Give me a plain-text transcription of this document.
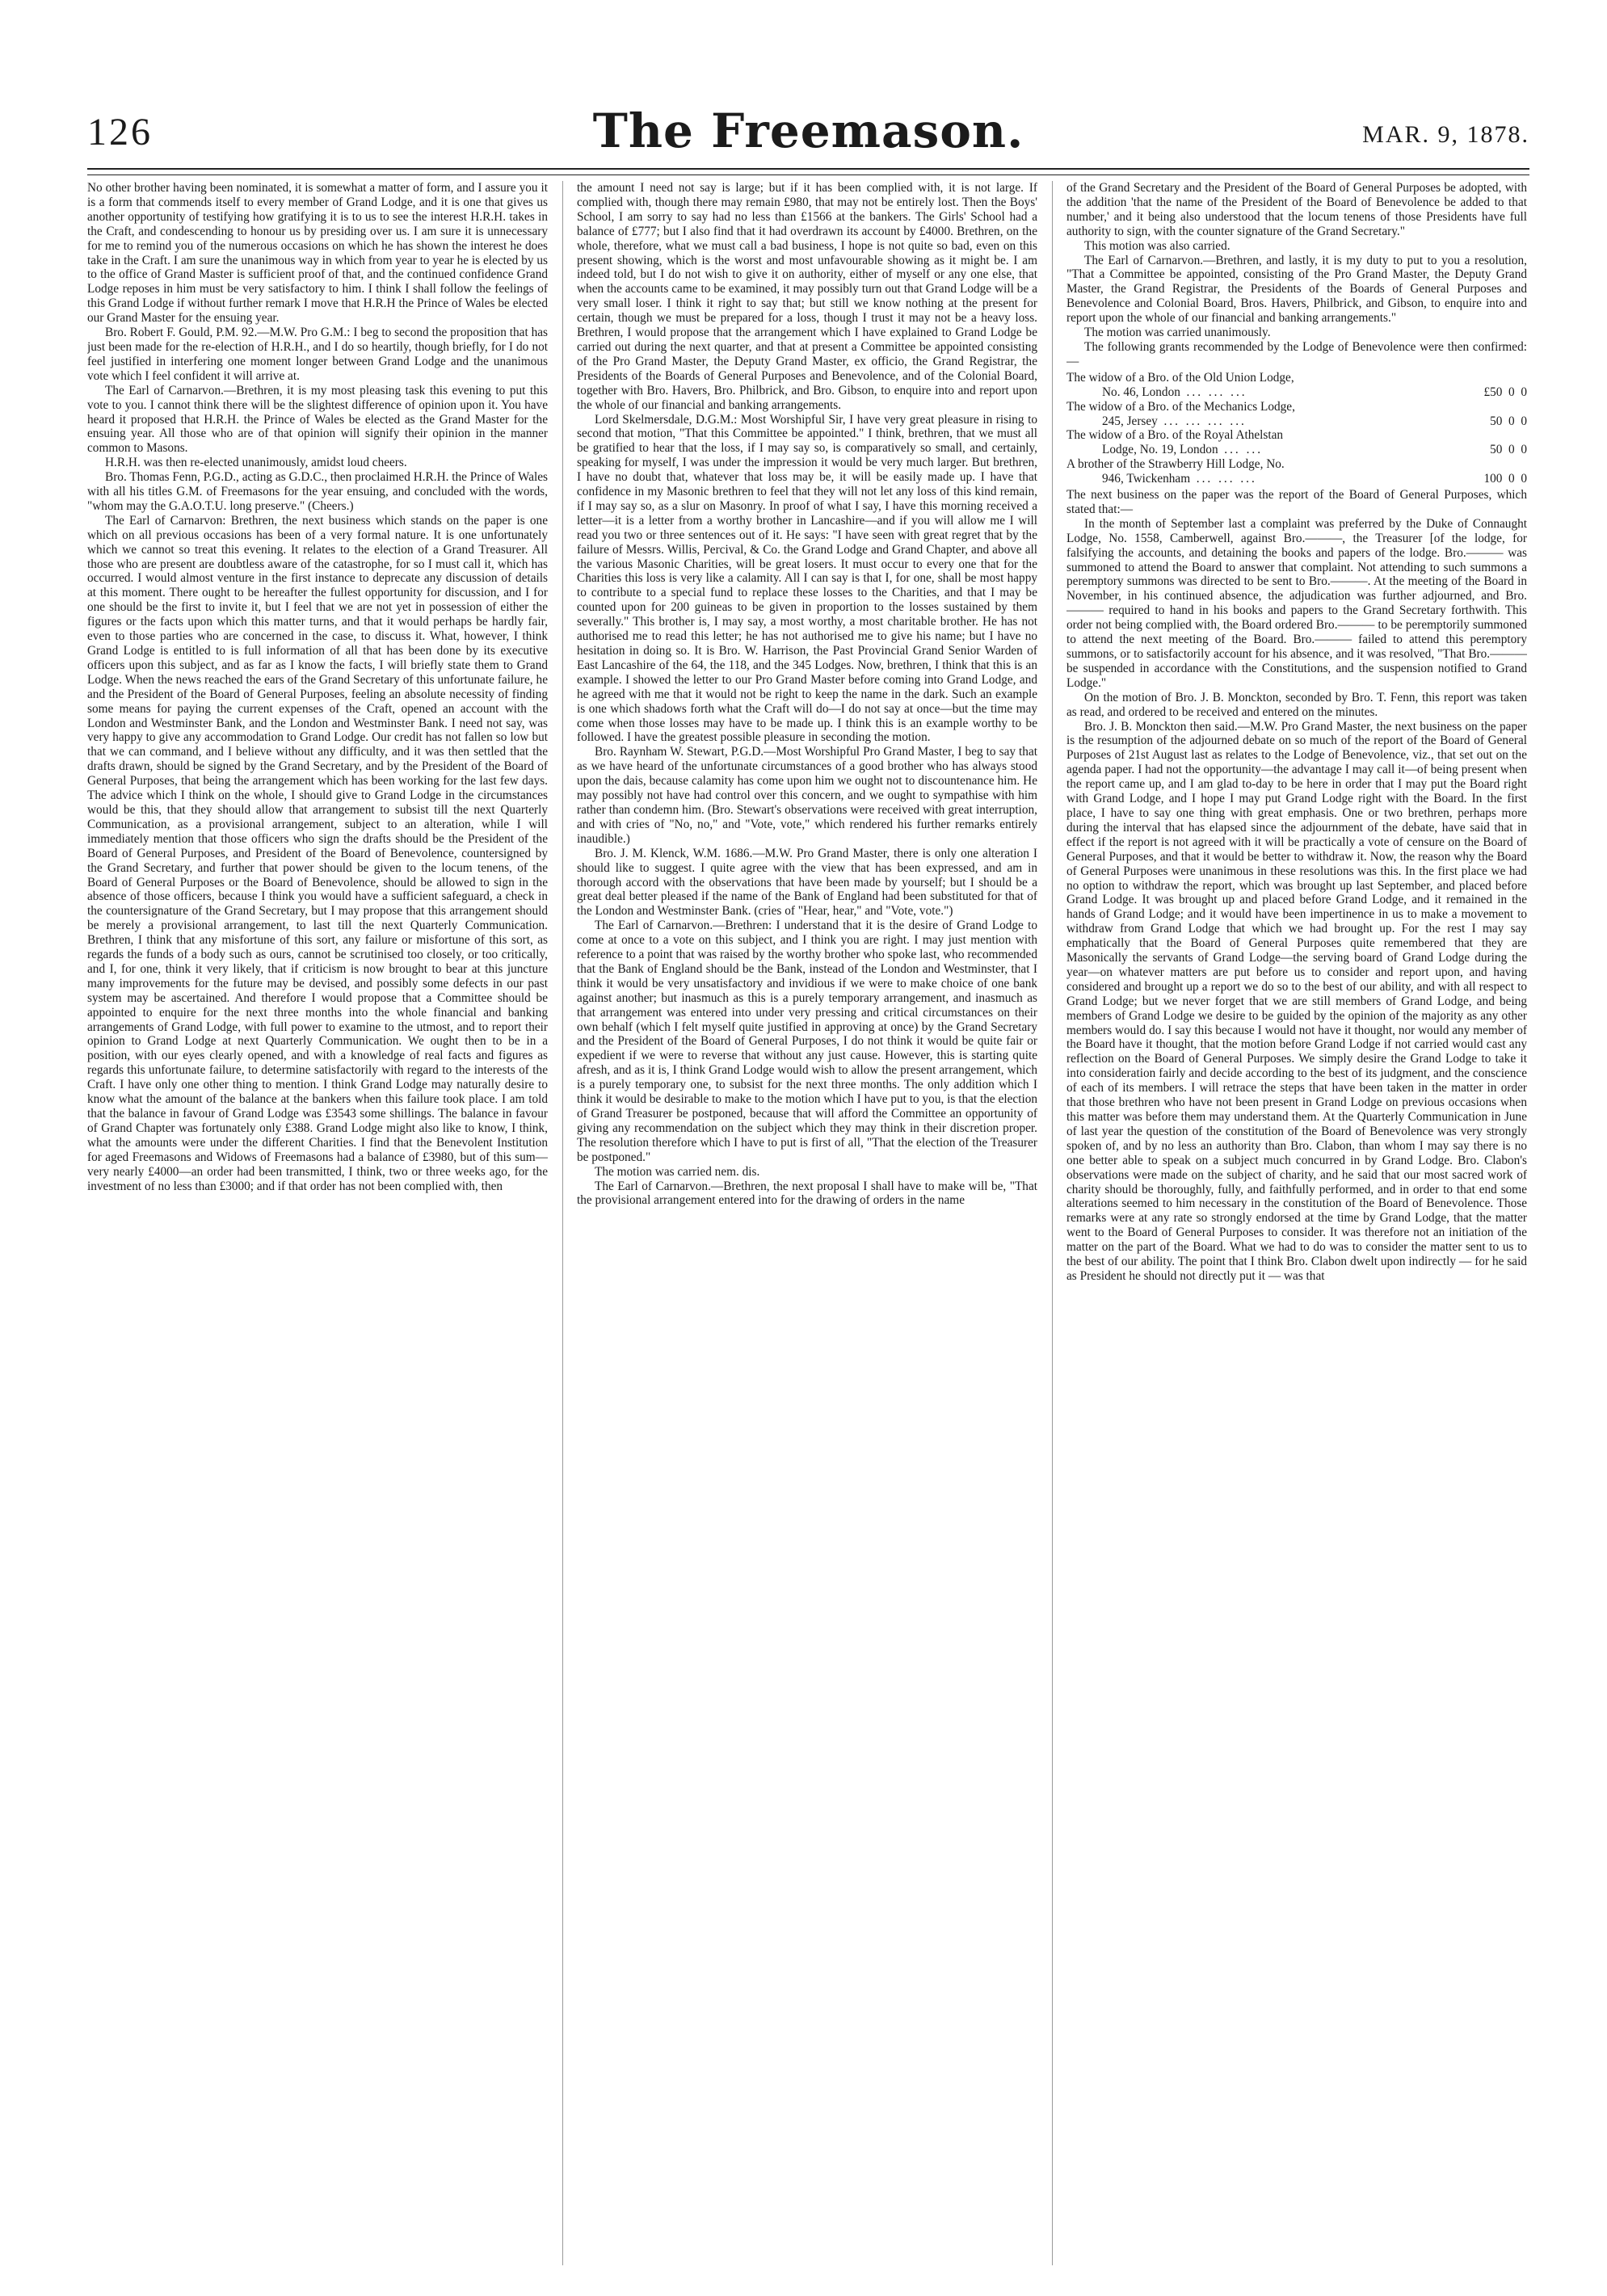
126	The Freemason.	MAR. 9, 1878.

No other brother having been nominated, it is somewhat a matter of form, and I assure you it is a form that commends itself to every member of Grand Lodge, and it is one that gives us another opportunity of testifying how gratifying it is to us to see the interest H.R.H. takes in the Craft, and condescending to honour us by presiding over us. I am sure it is unnecessary for me to remind you of the numerous occasions on which he has shown the interest he does take in the Craft. I am sure the unanimous way in which from year to year he is elected by us to the office of Grand Master is sufficient proof of that, and the continued confidence Grand Lodge reposes in him must be very satisfactory to him. I think I shall follow the feelings of this Grand Lodge if without further remark I move that H.R.H the Prince of Wales be elected our Grand Master for the ensuing year.

Bro. Robert F. Gould, P.M. 92.—M.W. Pro G.M.: I beg to second the proposition that has just been made for the re-election of H.R.H., and I do so heartily, though briefly, for I do not feel justified in interfering one moment longer between Grand Lodge and the unanimous vote which I feel confident it will arrive at.

The Earl of Carnarvon.—Brethren, it is my most pleasing task this evening to put this vote to you. I cannot think there will be the slightest difference of opinion upon it. You have heard it proposed that H.R.H. the Prince of Wales be elected as the Grand Master for the ensuing year. All those who are of that opinion will signify their opinion in the manner common to Masons.

H.R.H. was then re-elected unanimously, amidst loud cheers.

Bro. Thomas Fenn, P.G.D., acting as G.D.C., then proclaimed H.R.H. the Prince of Wales with all his titles G.M. of Freemasons for the year ensuing, and concluded with the words, "whom may the G.A.O.T.U. long preserve." (Cheers.)

The Earl of Carnarvon: Brethren, the next business which stands on the paper is one which on all previous occasions has been of a very formal nature. It is one unfortunately which we cannot so treat this evening. It relates to the election of a Grand Treasurer. All those who are present are doubtless aware of the catastrophe, for so I must call it, which has occurred. I would almost venture in the first instance to deprecate any discussion of details at this moment. There ought to be hereafter the fullest opportunity for discussion, and I for one should be the first to invite it, but I feel that we are not yet in possession of either the figures or the facts upon which this matter turns, and that it would perhaps be hardly fair, even to those parties who are concerned in the case, to discuss it. What, however, I think Grand Lodge is entitled to is full information of all that has been done by its executive officers upon this subject, and as far as I know the facts, I will briefly state them to Grand Lodge. When the news reached the ears of the Grand Secretary of this unfortunate failure, he and the President of the Board of General Purposes, feeling an absolute necessity of finding some means for paying the current expenses of the Craft, opened an account with the London and Westminster Bank, and the London and Westminster Bank. I need not say, was very happy to give any accommodation to Grand Lodge. Our credit has not fallen so low but that we can command, and I believe without any difficulty, and it was then settled that the drafts drawn, should be signed by the Grand Secretary, and by the President of the Board of General Purposes, that being the arrangement which has been working for the last few days. The advice which I think on the whole, I should give to Grand Lodge in the circumstances would be this, that they should allow that arrangement to subsist till the next Quarterly Communication, as a provisional arrangement, subject to an alteration, while I will immediately mention that those officers who sign the drafts should be the President of the Board of General Purposes, and President of the Board of Benevolence, countersigned by the Grand Secretary, and further that power should be given to the locum tenens, of the Board of General Purposes or the Board of Benevolence, should be allowed to sign in the absence of those officers, because I think you would have a sufficient safeguard, a check in the countersignature of the Grand Secretary, but I may propose that this arrangement should be merely a provisional arrangement, to last till the next Quarterly Communication. Brethren, I think that any misfortune of this sort, any failure or misfortune of this sort, as regards the funds of a body such as ours, cannot be scrutinised too closely, or too critically, and I, for one, think it very likely, that if criticism is now brought to bear at this juncture many improvements for the future may be devised, and possibly some defects in our past system may be ascertained. And therefore I would propose that a Committee should be appointed to enquire for the next three months into the whole financial and banking arrangements of Grand Lodge, with full power to examine to the utmost, and to report their opinion to Grand Lodge at next Quarterly Communication. We ought then to be in a position, with our eyes clearly opened, and with a knowledge of real facts and figures as regards this unfortunate failure, to determine satisfactorily with regard to the interests of the Craft. I have only one other thing to mention. I think Grand Lodge may naturally desire to know what the amount of the balance at the bankers when this failure took place. I am told that the balance in favour of Grand Lodge was £3543 some shillings. The balance in favour of Grand Chapter was fortunately only £388. Grand Lodge might also like to know, I think, what the amounts were under the different Charities. I find that the Benevolent Institution for aged Freemasons and Widows of Freemasons had a balance of £3980, but of this sum—very nearly £4000—an order had been transmitted, I think, two or three weeks ago, for the investment of no less than £3000; and if that order has not been complied with, then

the amount I need not say is large; but if it has been complied with, it is not large. If complied with, though there may remain £980, that may not be entirely lost. Then the Boys' School, I am sorry to say had no less than £1566 at the bankers. The Girls' School had a balance of £777; but I also find that it had overdrawn its account by £4000. Brethren, on the whole, therefore, what we must call a bad business, I hope is not quite so bad, even on this present showing, which is the worst and most unfavourable showing as it might be. I am indeed told, but I do not wish to give it on authority, either of myself or any one else, that when the accounts came to be examined, it may possibly turn out that Grand Lodge will be a very small loser. I think it right to say that; but still we know nothing at the present for certain, though we must be prepared for a loss, though I trust it may not be a heavy loss. Brethren, I would propose that the arrangement which I have explained to Grand Lodge be carried out during the next quarter, and that at present a Committee be appointed consisting of the Pro Grand Master, the Deputy Grand Master, ex officio, the Grand Registrar, the Presidents of the Boards of General Purposes and Benevolence, and of the Colonial Board, together with Bro. Havers, Bro. Philbrick, and Bro. Gibson, to enquire into and report upon the whole of our financial and banking arrangements.

Lord Skelmersdale, D.G.M.: Most Worshipful Sir, I have very great pleasure in rising to second that motion, "That this Committee be appointed." I think, brethren, that we must all be gratified to hear that the loss, if I may say so, is comparatively so small, and certainly, speaking for myself, I was under the impression it would be very much larger. But brethren, I have no doubt that, whatever that loss may be, it will be easily made up. I have that confidence in my Masonic brethren to feel that they will not let any loss of this kind remain, if I may say so, as a slur on Masonry. In proof of what I say, I have this morning received a letter—it is a letter from a worthy brother in Lancashire—and if you will allow me I will read you two or three sentences out of it. He says: "I have seen with great regret that by the failure of Messrs. Willis, Percival, & Co. the Grand Lodge and Grand Chapter, and above all the various Masonic Charities, will be great losers. It must occur to every one that for the Charities this loss is very like a calamity. All I can say is that I, for one, shall be most happy to contribute to a special fund to replace these losses to the Charities, and that I may be counted upon for 200 guineas to be given in proportion to the losses sustained by them severally." This brother is, I may say, a most worthy, a most charitable brother. He has not authorised me to read this letter; he has not authorised me to give his name; but I have no hesitation in doing so. It is Bro. W. Harrison, the Past Provincial Grand Senior Warden of East Lancashire of the 64, the 118, and the 345 Lodges. Now, brethren, I think that this is an example. I showed the letter to our Pro Grand Master before coming into Grand Lodge, and he agreed with me that it would not be right to keep the name in the dark. Such an example is one which shadows forth what the Craft will do—I do not say at once—but the time may come when those losses may have to be made up. I think this is an example worthy to be followed. I have the greatest possible pleasure in seconding the motion.

Bro. Raynham W. Stewart, P.G.D.—Most Worshipful Pro Grand Master, I beg to say that as we have heard of the unfortunate circumstances of a good brother who has always stood upon the dais, because calamity has come upon him we ought not to discountenance him. He may possibly not have had control over this concern, and we ought to sympathise with him rather than condemn him. (Bro. Stewart's observations were received with great interruption, and with cries of "No, no," and "Vote, vote," which rendered his further remarks entirely inaudible.)

Bro. J. M. Klenck, W.M. 1686.—M.W. Pro Grand Master, there is only one alteration I should like to suggest. I quite agree with the view that has been expressed, and am in thorough accord with the observations that have been made by yourself; but I should be a great deal better pleased if the name of the Bank of England had been substituted for that of the London and Westminster Bank. (cries of "Hear, hear," and "Vote, vote.")

The Earl of Carnarvon.—Brethren: I understand that it is the desire of Grand Lodge to come at once to a vote on this subject, and I think you are right. I may just mention with reference to a point that was raised by the worthy brother who spoke last, who recommended that the Bank of England should be the Bank, instead of the London and Westminster, that I think it would be very unsatisfactory and invidious if we were to make choice of one bank against another; but inasmuch as this is a purely temporary arrangement, and inasmuch as that arrangement was entered into under very pressing and critical circumstances on their own behalf (which I felt myself quite justified in approving at once) by the Grand Secretary and the President of the Board of General Purposes, I do not think it would be quite fair or expedient if we were to reverse that without any just cause. However, this is starting quite afresh, and as it is, I think Grand Lodge would wish to allow the present arrangement, which is a purely temporary one, to subsist for the next three months. The only addition which I think it would be desirable to make to the motion which I have put to you, is that the election of Grand Treasurer be postponed, because that will afford the Committee an opportunity of giving any recommendation on the subject which they may think in their discretion proper. The resolution therefore which I have to put is first of all, "That the election of the Treasurer be postponed."

The motion was carried nem. dis.

The Earl of Carnarvon.—Brethren, the next proposal I shall have to make will be, "That the provisional arrangement entered into for the drawing of orders in the name

of the Grand Secretary and the President of the Board of General Purposes be adopted, with the addition 'that the name of the President of the Board of Benevolence be added to that number,' and it being also understood that the locum tenens of those Presidents have full authority to sign, with the counter signature of the Grand Secretary."

This motion was also carried.

The Earl of Carnarvon.—Brethren, and lastly, it is my duty to put to you a resolution, "That a Committee be appointed, consisting of the Pro Grand Master, the Deputy Grand Master, the Grand Registrar, the Presidents of the Boards of General Purposes and Benevolence and Colonial Board, Bros. Havers, Philbrick, and Gibson, to enquire into and report upon the whole of our financial and banking arrangements."

The motion was carried unanimously.

The following grants recommended by the Lodge of Benevolence were then confirmed:—

The widow of a Bro. of the Old Union Lodge,
No. 46, London ... ... ...	£50  0  0
The widow of a Bro. of the Mechanics Lodge,
245, Jersey ... ... ... ...	50  0  0
The widow of a Bro. of the Royal Athelstan
Lodge, No. 19, London ... ...	50  0  0
A brother of the Strawberry Hill Lodge, No.
946, Twickenham ... ... ...	100  0  0

The next business on the paper was the report of the Board of General Purposes, which stated that:—

In the month of September last a complaint was preferred by the Duke of Connaught Lodge, No. 1558, Camberwell, against Bro.———, the Treasurer [of the lodge, for falsifying the accounts, and detaining the books and papers of the lodge. Bro.——— was summoned to attend the Board to answer that complaint. Not attending to such summons a peremptory summons was directed to be sent to Bro.———. At the meeting of the Board in November, in his continued absence, the adjudication was further adjourned, and Bro.——— required to hand in his books and papers to the Grand Secretary forthwith. This order not being complied with, the Board ordered Bro.——— to be peremptorily summoned to attend the next meeting of the Board. Bro.——— failed to attend this peremptory summons, or to satisfactorily account for his absence, and it was resolved, "That Bro.——— be suspended in accordance with the Constitutions, and the suspension notified to Grand Lodge."

On the motion of Bro. J. B. Monckton, seconded by Bro. T. Fenn, this report was taken as read, and ordered to be received and entered on the minutes.

Bro. J. B. Monckton then said.—M.W. Pro Grand Master, the next business on the paper is the resumption of the adjourned debate on so much of the report of the Board of General Purposes of 21st August last as relates to the Lodge of Benevolence, viz., that set out on the agenda paper. I had not the opportunity—the advantage I may call it—of being present when the report came up, and I am glad to-day to be here in order that I may put the Board right with Grand Lodge, and I hope I may put Grand Lodge right with the Board. In the first place, I have to say one thing with great emphasis. One or two brethren, perhaps more during the interval that has elapsed since the adjournment of the debate, have said that in effect if the report is not agreed with it will be practically a vote of censure on the Board of General Purposes, and that it would be better to withdraw it. Now, the reason why the Board of General Purposes were unanimous in these resolutions was this. In the first place we had no option to withdraw the report, which was brought up last September, and placed before Grand Lodge. It was brought up and placed before Grand Lodge, and it remained in the hands of Grand Lodge; and it would have been impertinence in us to make a movement to withdraw from Grand Lodge that which we had brought up. For the rest I may say emphatically that the Board of General Purposes quite remembered that they are Masonically the servants of Grand Lodge—the serving board of Grand Lodge during the year—on whatever matters are put before us to consider and report upon, and having considered and brought up a report we do so to the best of our ability, and with all respect to Grand Lodge; but we never forget that we are still members of Grand Lodge, and being members of Grand Lodge we desire to be guided by the opinion of the majority as any other members would do. I say this because I would not have it thought, nor would any member of the Board have it thought, that the motion before Grand Lodge if not carried would cast any reflection on the Board of General Purposes. We simply desire the Grand Lodge to take it into consideration fairly and decide according to the best of its judgment, and the conscience of each of its members. I will retrace the steps that have been taken in the matter in order that those brethren who have not been present in Grand Lodge on previous occasions when this matter was before them may understand them. At the Quarterly Communication in June of last year the question of the constitution of the Board of Benevolence was very strongly spoken of, and by no less an authority than Bro. Clabon, than whom I may say there is no one better able to speak on a subject much concurred in by Grand Lodge. Bro. Clabon's observations were made on the subject of charity, and he said that our most sacred work of charity should be thoroughly, fully, and faithfully performed, and in order to that end some alterations seemed to him necessary in the constitution of the Board of Benevolence. Those remarks were at any rate so strongly endorsed at the time by Grand Lodge, that the matter went to the Board of General Purposes to consider. It was therefore not an initiation of the matter on the part of the Board. What we had to do was to consider the matter sent to us to the best of our ability. The point that I think Bro. Clabon dwelt upon indirectly — for he said as President he should not directly put it — was that
